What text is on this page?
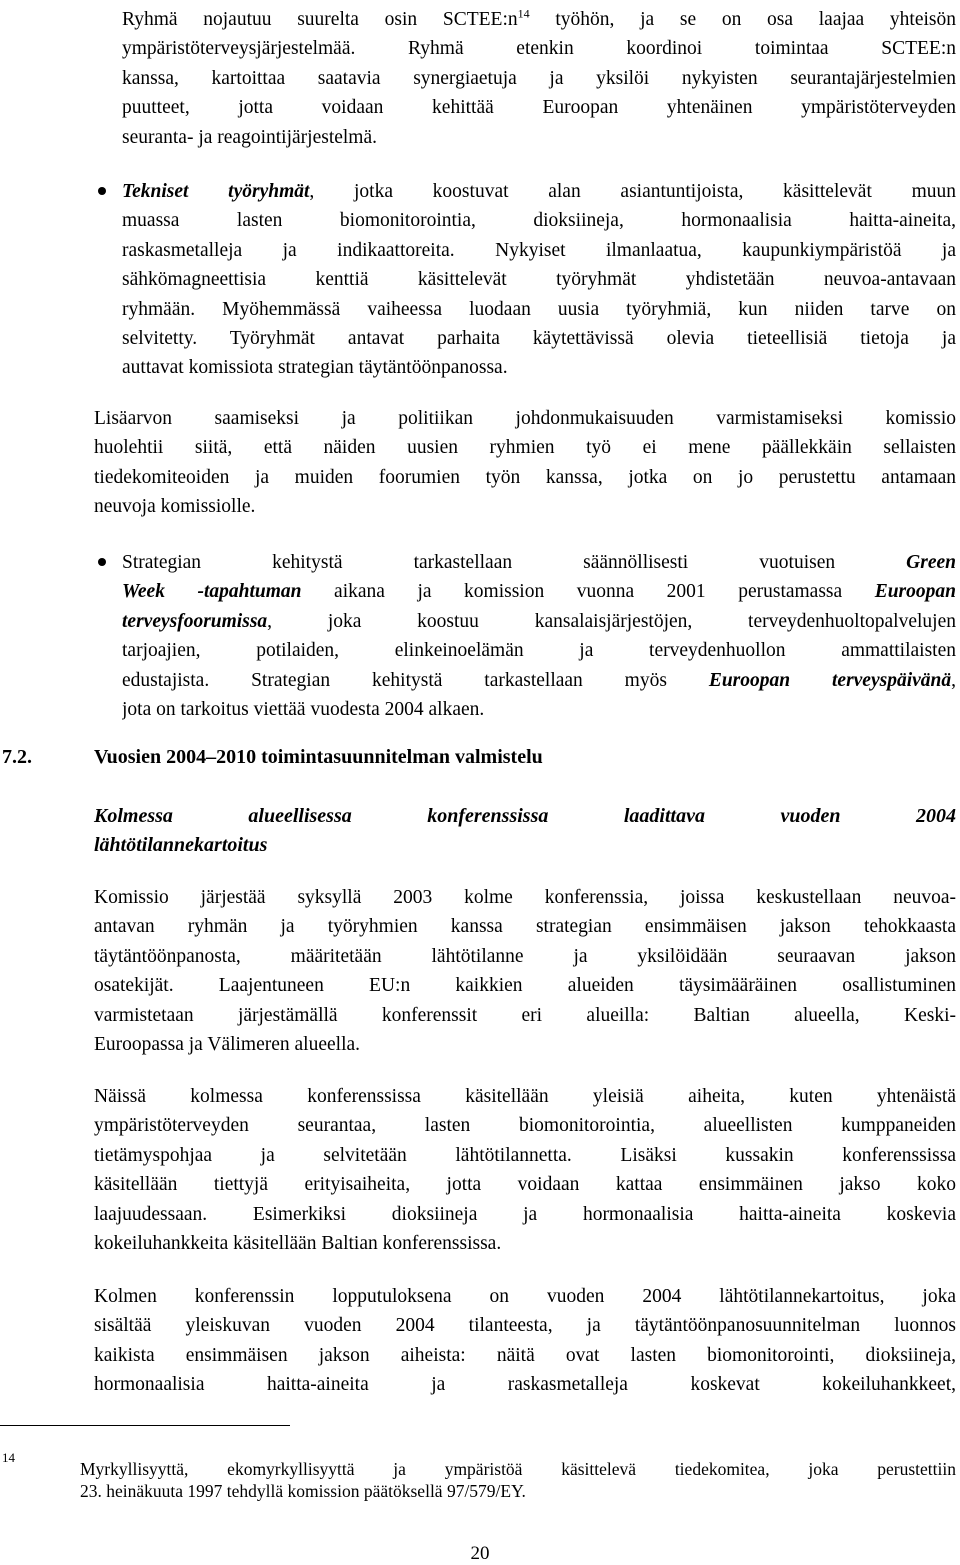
Ryhmä nojautuu suurelta osin $SCTEE:n^{14}$ työhön, ja se on osa laajaa yhteisön
ympäristöterveysjärjestelmää. Ryhmä etenkin koordinoi toimintaa SCTEE:n
kanssa, kartoittaa saatavia synergiaetuja ja yksilöi nykyisten seurantajärjestelmien
puutteet, jotta voidaan kehittää Euroopan yhtenäinen ympäristöterveyden
seuranta- ja reagointijärjestelmä.
Tekniset työryhmät, jotka koostuvat alan asiantuntijoista, käsittelevät muun
muassa lasten biomonitorointia, dioksiineja, hormonaalisia haitta-aineita,
raskasmetalleja ja indikaattoreita. Nykyiset ilmanlaatua, kaupunkiympäristöä ja
sähkömagneettisia kenttiä käsittelevät työryhmät yhdistetään neuvoa-antavaan
ryhmään. Myöhemmässä vaiheessa luodaan uusia työryhmiä, kun niiden tarve on
selvitetty. Työryhmät antavat parhaita käytettävissä olevia tieteellisiä tietoja ja
auttavat komissiota strategian täytäntöönpanossa.
Lisäarvon saamiseksi ja politiikan johdonmukaisuuden varmistamiseksi komissio
huolehtii siitä, että näiden uusien ryhmien työ ei mene päällekkäin sellaisten
tiedekomiteoiden ja muiden foorumien työn kanssa, jotka on jo perustettu antamaan
neuvoja komissiolle.
Strategian kehitystä tarkastellaan säännöllisesti vuotuisen Green
Week -tapahtuman aikana ja komission vuonna 2001 perustamassa Euroopan
terveysfoorumissa, joka koostuu kansalaisjärjestöjen, terveydenhuoltopalvelujen
tarjoajien, potilaiden, elinkeinoelämän ja terveydenhuollon ammattilaisten
edustajista. Strategian kehitystä tarkastellaan myös Euroopan terveyspäivänä,
jota on tarkoitus viettää vuodesta 2004 alkaen.
7.2.	Vuosien 2004–2010 toimintasuunnitelman valmistelu
Kolmessa alueellisessa konferenssissa laadittava vuoden 2004
lähtötilannekartoitus
Komissio järjestää syksyllä 2003 kolme konferenssia, joissa keskustellaan neuvoa-
antavan ryhmän ja työryhmien kanssa strategian ensimmäisen jakson tehokkaasta
täytäntöönpanosta, määritetään lähtötilanne ja yksilöidään seuraavan jakson
osatekijät. Laajentuneen EU:n kaikkien alueiden täysimääräinen osallistuminen
varmistetaan järjestämällä konferenssit eri alueilla: Baltian alueella, Keski-
Euroopassa ja Välimeren alueella.
Näissä kolmessa konferenssissa käsitellään yleisiä aiheita, kuten yhtenäistä
ympäristöterveyden seurantaa, lasten biomonitorointia, alueellisten kumppaneiden
tietämyspohjaa ja selvitetään lähtötilannetta. Lisäksi kussakin konferenssissa
käsitellään tiettyjä erityisaiheita, jotta voidaan kattaa ensimmäinen jakso koko
laajuudessaan. Esimerkiksi dioksiineja ja hormonaalisia haitta-aineita koskevia
kokeiluhankkeita käsitellään Baltian konferenssissa.
Kolmen konferenssin lopputuloksena on vuoden 2004 lähtötilannekartoitus, joka
sisältää yleiskuvan vuoden 2004 tilanteesta, ja täytäntöönpanosuunnitelman luonnos
kaikista ensimmäisen jakson aiheista: näitä ovat lasten biomonitorointi, dioksiineja,
hormonaalisia haitta-aineita ja raskasmetalleja koskevat kokeiluhankkeet,
14
Myrkyllisyyttä, ekomyrkyllisyyttä ja ympäristöä käsittelevä tiedekomitea, joka perustettiin
23. heinäkuuta 1997 tehdyllä komission päätöksellä 97/579/EY.
20
